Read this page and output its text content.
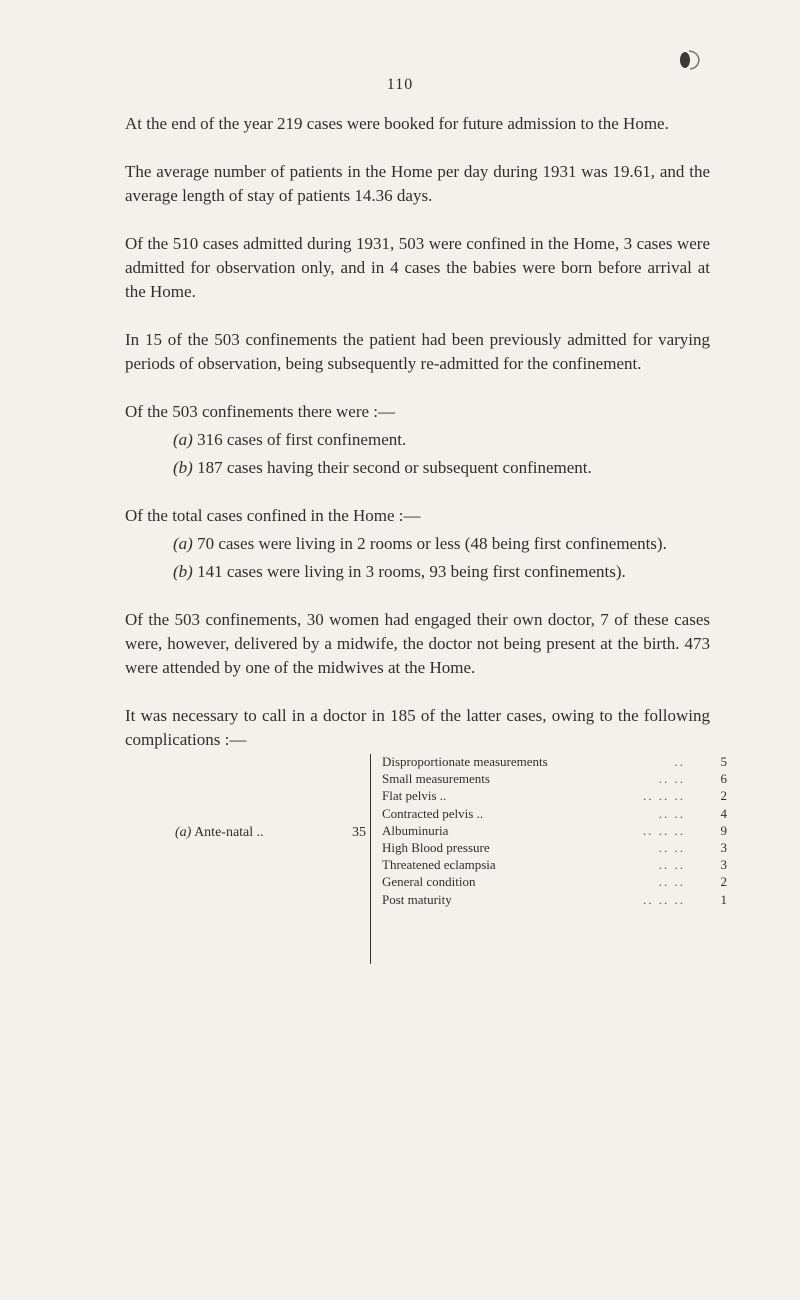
110

At the end of the year 219 cases were booked for future admission to the Home.

The average number of patients in the Home per day during 1931 was 19.61, and the average length of stay of patients 14.36 days.

Of the 510 cases admitted during 1931, 503 were confined in the Home, 3 cases were admitted for observation only, and in 4 cases the babies were born before arrival at the Home.

In 15 of the 503 confinements the patient had been previously admitted for varying periods of observation, being subsequently re-admitted for the confinement.

Of the 503 confinements there were :—

(a) 316 cases of first confinement.

(b) 187 cases having their second or subsequent confinement.

Of the total cases confined in the Home :—

(a) 70 cases were living in 2 rooms or less (48 being first confinements).

(b) 141 cases were living in 3 rooms, 93 being first confinements).

Of the 503 confinements, 30 women had engaged their own doctor, 7 of these cases were, however, delivered by a midwife, the doctor not being present at the birth. 473 were attended by one of the midwives at the Home.

It was necessary to call in a doctor in 185 of the latter cases, owing to the following complications :—

(a) Ante-natal ..	35
Disproportionate measurements	..	5
Small measurements	.. ..	6
Flat pelvis ..	.. .. ..	2
Contracted pelvis ..	.. ..	4
Albuminuria	.. .. ..	9
High Blood pressure	.. ..	3
Threatened eclampsia	.. ..	3
General condition	.. ..	2
Post maturity	.. .. ..	1
